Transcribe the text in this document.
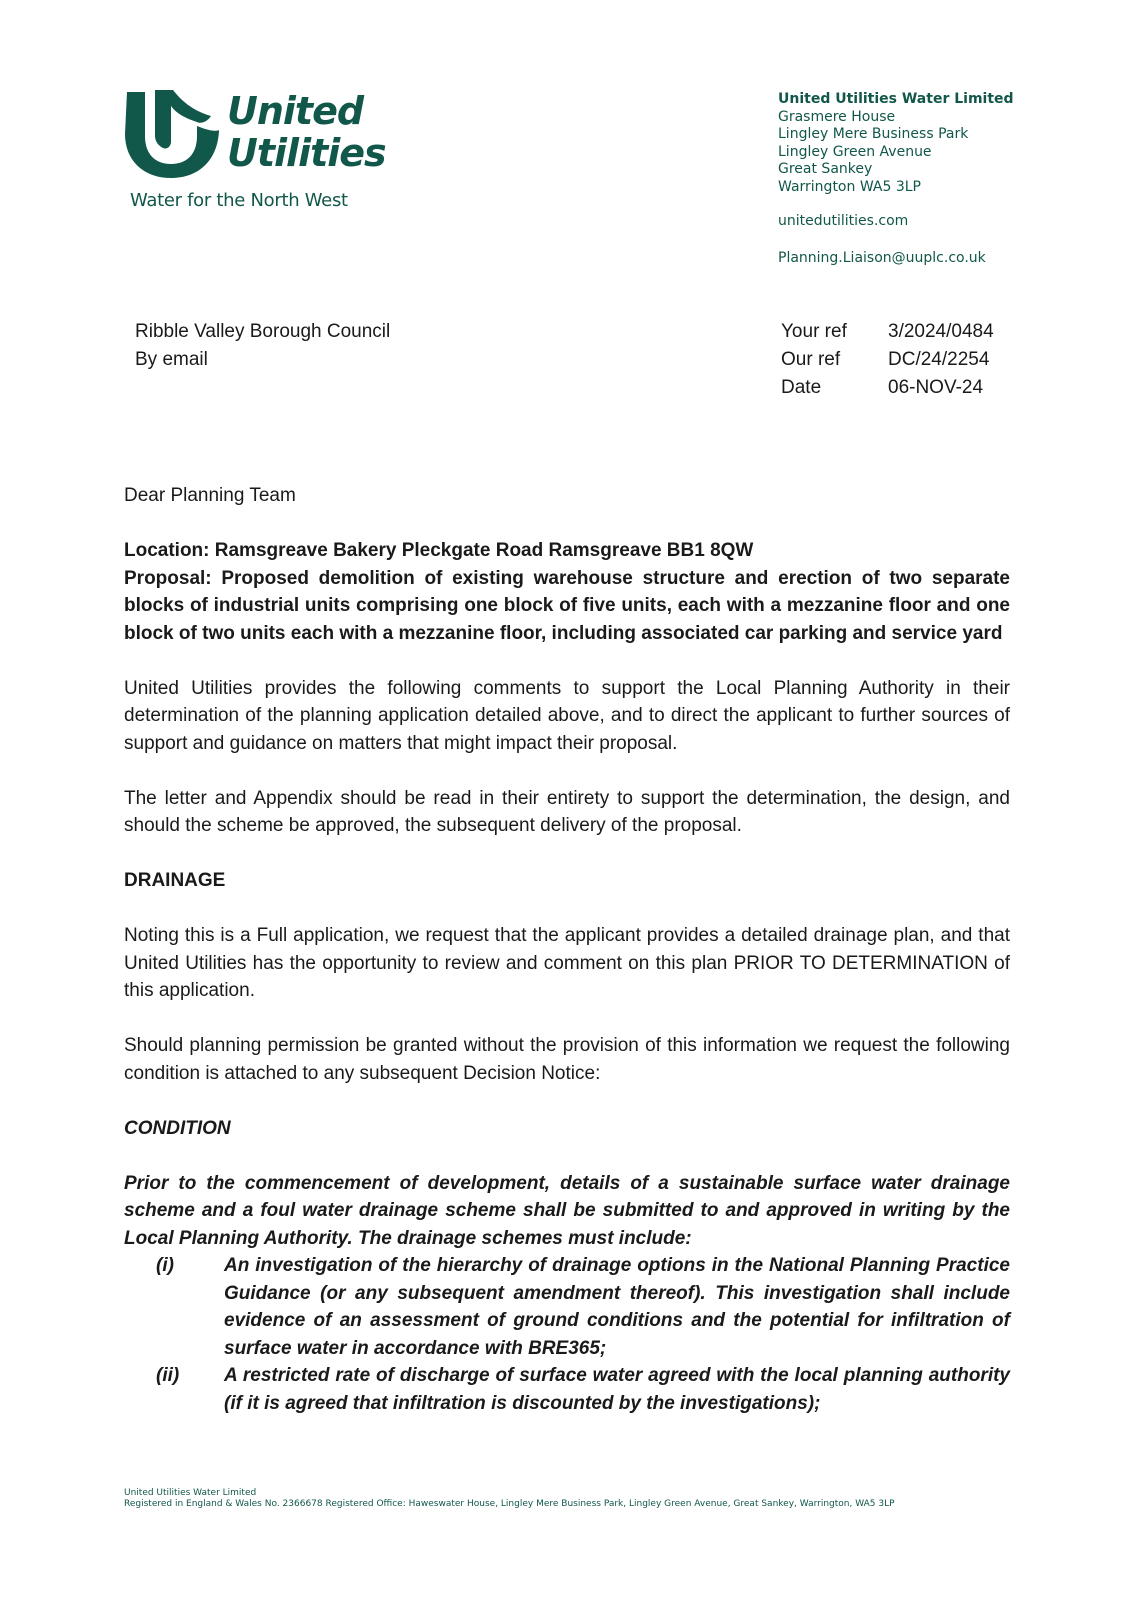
United
Utilities
Water for the North West
United Utilities Water Limited
Grasmere House
Lingley Mere Business Park
Lingley Green Avenue
Great Sankey
Warrington WA5 3LP
unitedutilities.com
Planning.Liaison@uuplc.co.uk
Ribble Valley Borough Council
By email
Your ref	3/2024/0484
Our ref	DC/24/2254
Date	06-NOV-24

Dear Planning Team

Location: Ramsgreave Bakery Pleckgate Road Ramsgreave BB1 8QW
Proposal: Proposed demolition of existing warehouse structure and erection of two separate blocks of industrial units comprising one block of five units, each with a mezzanine floor and one block of two units each with a mezzanine floor, including associated car parking and service yard

United Utilities provides the following comments to support the Local Planning Authority in their determination of the planning application detailed above, and to direct the applicant to further sources of support and guidance on matters that might impact their proposal.

The letter and Appendix should be read in their entirety to support the determination, the design, and should the scheme be approved, the subsequent delivery of the proposal.

DRAINAGE

Noting this is a Full application, we request that the applicant provides a detailed drainage plan, and that United Utilities has the opportunity to review and comment on this plan PRIOR TO DETERMINATION of this application.

Should planning permission be granted without the provision of this information we request the following condition is attached to any subsequent Decision Notice:

CONDITION

Prior to the commencement of development, details of a sustainable surface water drainage scheme and a foul water drainage scheme shall be submitted to and approved in writing by the Local Planning Authority. The drainage schemes must include:

(i)	An investigation of the hierarchy of drainage options in the National Planning Practice Guidance (or any subsequent amendment thereof). This investigation shall include evidence of an assessment of ground conditions and the potential for infiltration of surface water in accordance with BRE365;
(ii)	A restricted rate of discharge of surface water agreed with the local planning authority (if it is agreed that infiltration is discounted by the investigations);
United Utilities Water Limited
Registered in England & Wales No. 2366678 Registered Office: Haweswater House, Lingley Mere Business Park, Lingley Green Avenue, Great Sankey, Warrington, WA5 3LP
